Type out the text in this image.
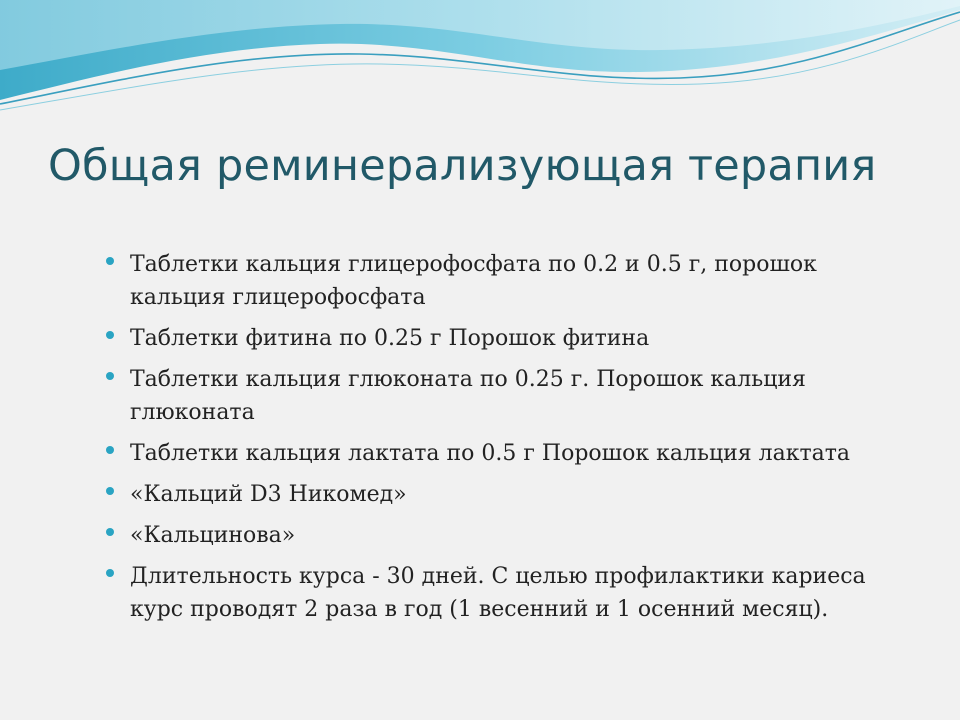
Общая реминерализующая терапия
Таблетки кальция глицерофосфата по 0.2 и 0.5 г, порошок кальция глицерофосфата
Таблетки фитина по 0.25 г Порошок фитина
Таблетки кальция глюконата по 0.25 г. Порошок кальция глюконата
Таблетки кальция лактата по 0.5 г Порошок кальция лактата
«Кальций D3 Никомед»
«Кальцинова»
Длительность курса - 30 дней. С целью профилактики кариеса курс проводят 2 раза в год (1 весенний и 1 осенний месяц).
